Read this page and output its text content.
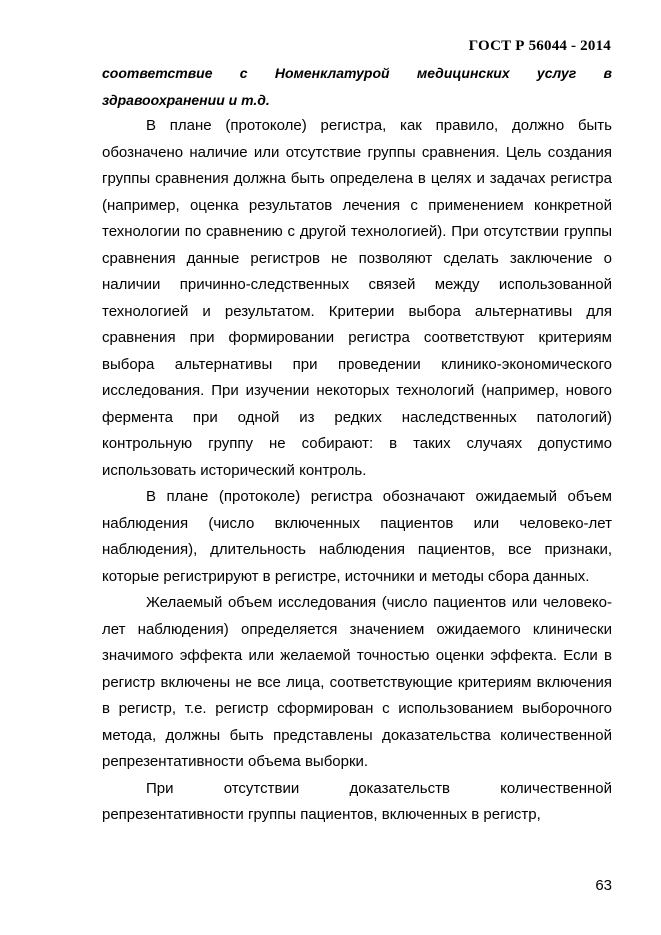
ГОСТ Р 56044 - 2014

соответствие с Номенклатурой медицинских услуг в здравоохранении и т.д.

В плане (протоколе) регистра, как правило, должно быть обозначено наличие или отсутствие группы сравнения. Цель создания группы сравнения должна быть определена в целях и задачах регистра (например, оценка результатов лечения с применением конкретной технологии по сравнению с другой технологией). При отсутствии группы сравнения данные регистров не позволяют сделать заключение о наличии причинно-следственных связей между использованной технологией и результатом. Критерии выбора альтернативы для сравнения при формировании регистра соответствуют критериям выбора альтернативы при проведении клинико-экономического исследования. При изучении некоторых технологий (например, нового фермента при одной из редких наследственных патологий) контрольную группу не собирают: в таких случаях допустимо использовать исторический контроль.

В плане (протоколе) регистра обозначают ожидаемый объем наблюдения (число включенных пациентов или человеко-лет наблюдения), длительность наблюдения пациентов, все признаки, которые регистрируют в регистре, источники и методы сбора данных.

Желаемый объем исследования (число пациентов или человеко-лет наблюдения) определяется значением ожидаемого клинически значимого эффекта или желаемой точностью оценки эффекта. Если в регистр включены не все лица, соответствующие критериям включения в регистр, т.е. регистр сформирован с использованием выборочного метода, должны быть представлены доказательства количественной репрезентативности объема выборки.

При отсутствии доказательств количественной репрезентативности группы пациентов, включенных в регистр,

63
